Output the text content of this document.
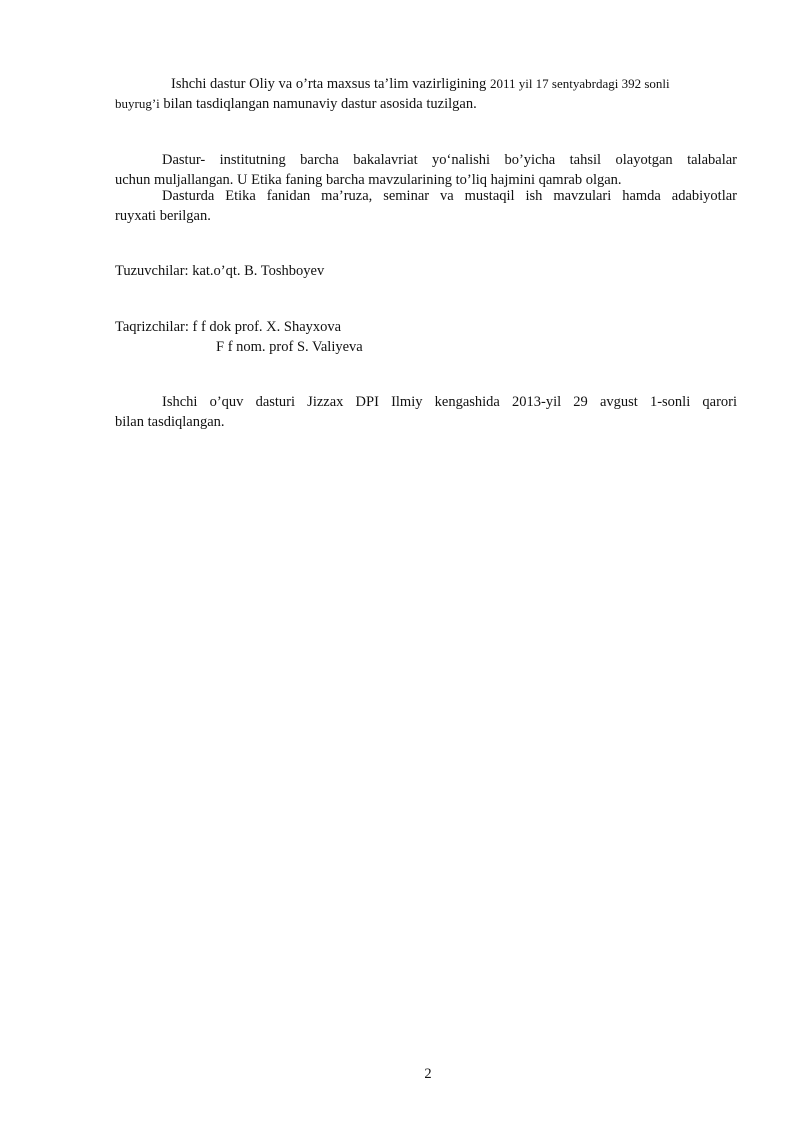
Ishchi dastur Oliy va o’rta maxsus ta’lim vazirligining 2011 yil 17 sentyabrdagi 392 sonli
buyrug’i bilan tasdiqlangan namunaviy dastur asosida tuzilgan.
Dastur- institutning barcha bakalavriat yo‘nalishi bo’yicha tahsil olayotgan talabalar
uchun muljallangan. U Etika faning barcha mavzularining to’liq hajmini qamrab olgan.
Dasturda Etika fanidan ma’ruza, seminar va mustaqil ish mavzulari hamda adabiyotlar
ruyxati berilgan.
Tuzuvchilar: kat.o’qt. B. Toshboyev
Taqrizchilar: f f dok prof. X. Shayxova
F f nom. prof S. Valiyeva
Ishchi o’quv dasturi Jizzax DPI Ilmiy kengashida 2013-yil 29 avgust 1-sonli qarori
bilan tasdiqlangan.
2
